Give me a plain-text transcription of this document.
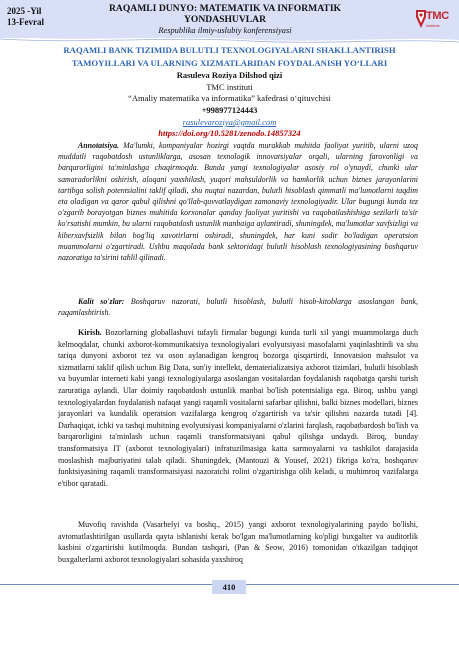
2025 -Yil
13-Fevral
RAQAMLI DUNYO: MATEMATIK VA INFORMATIK
YONDASHUVLAR
Respublika ilmiy-uslubiy konferensiyasi
TMC
institute
RAQAMLI BANK TIZIMIDA BULUTLI TEXNOLOGIYALARNI SHAKLLANTIRISH
TAMOYILLARI VA ULARNING XIZMATLARIDAN FOYDALANISH YO‘LLARI
Rasuleva Roziya Dilshod qizi
TMC instituti
“Amaliy matematika va informatika” kafedrasi o‘qituvchisi
+998977124443
rasulevaroziya@gmail.com
https://doi.org/10.5281/zenodo.14857324

Annotatsiya. Ma'lumki, kompaniyalar hozirgi vaqtda murakkab muhitda faoliyat yuritib, ularni uzoq muddatli raqobatdosh ustunliklarga, asosan texnologik innovatsiyalar orqali, ularning farovonligi va barqarorligini ta'minlashga chaqirmoqda. Bunda yangi texnologiyalar asosiy rol o'ynaydi, chunki ular samaradorlikni oshirish, aloqani yaxshilash, yuqori mahsuldorlik va hamkorlik uchun biznes jarayonlarini tartibga solish potentsialini taklif qiladi, shu nuqtai nazardan, bulutli hisoblash qimmatli ma'lumotlarni taqdim eta oladigan va qaror qabul qilishni qo'llab-quvvatlaydigan zamonaviy texnologiyadir. Ular bugungi kunda tez o'zgarib borayotgan biznes muhitida korxonalar qanday faoliyat yuritishi va raqobatlashishiga sezilarli ta'sir ko'rsatishi mumkin, bu ularni raqobatdosh ustunlik manbaiga aylantiradi, shuningdek, ma'lumotlar xavfsizligi va kiberxavfsizlik bilan bog'liq xavotirlarni oshiradi, shuningdek, har kuni sodir bo'ladigan operatsion muammolarni o'zgartiradi. Ushbu maqolada bank sektoridagi bulutli hisoblash texnologiyasining boshqaruv nazoratiga ta'sirini tahlil qilinadi.

Kalit so'zlar: Boshqaruv nazorati, bulutli hisoblash, bulutli hisob-kitoblarga asoslangan bank, raqamlashtirish.

Kirish. Bozorlarning globallashuvi tufayli firmalar bugungi kunda turli xil yangi muammolarga duch kelmoqdalar, chunki axborot-kommunikatsiya texnologiyalari evolyutsiyasi masofalarni yaqinlashtirdi va shu tariqa dunyoni axborot tez va oson aylanadigan kengroq bozorga qisqartirdi, Innovatsion mahsulot va xizmatlarni taklif qilish uchun Big Data, sun'iy intellekt, dematerializatsiya axborot tizimlari, bulutli hisoblash va buyumlar interneti kabi yangi texnologiyalarga asoslangan vositalardan foydalanish raqobatga qarshi turish zaruratiga aylandi. Ular doimiy raqobatdosh ustunlik manbai bo'lish potentsialiga ega. Biroq, ushbu yangi texnologiyalardan foydalanish nafaqat yangi raqamli vositalarni safarbar qilishni, balki biznes modellari, biznes jarayonlari va kundalik operatsion vazifalarga kengroq o'zgartirish va ta'sir qilishni nazarda tutadi [4]. Darhaqiqat, ichki va tashqi muhitning evolyutsiyasi kompaniyalarni o'zlarini farqlash, raqobatbardosh bo'lish va barqarorligini ta'minlash uchun raqamli transformatsiyani qabul qilishga undaydi. Biroq, bunday transformatsiya IT (axborot texnologiyalari) infratuzilmasiga katta sarmoyalarni va tashkilot darajasida moslashish majburiyatini talab qiladi. Shuningdek, (Mantouzi & Yousef, 2021) fikriga ko'ra, boshqaruv funktsiyasining raqamli transformatsiyasi nazoratchi rolini o'zgartirishga olib keladi, u muhimroq vazifalarga e'tibor qaratadi.

Muvofiq ravishda (Vasarhelyi va boshq., 2015) yangi axborot texnologiyalarining paydo bo'lishi, avtomatlashtirilgan usullarda qayta ishlanishi kerak bo'lgan ma'lumotlarning ko'pligi buxgalter va auditorlik kasbini o'zgartirishi kutilmoqda. Bundan tashqari, (Pan & Seow, 2016) tomonidan o'tkazilgan tadqiqot buxgalterlarni axborot texnologiyalari sohasida yaxshiroq

410
